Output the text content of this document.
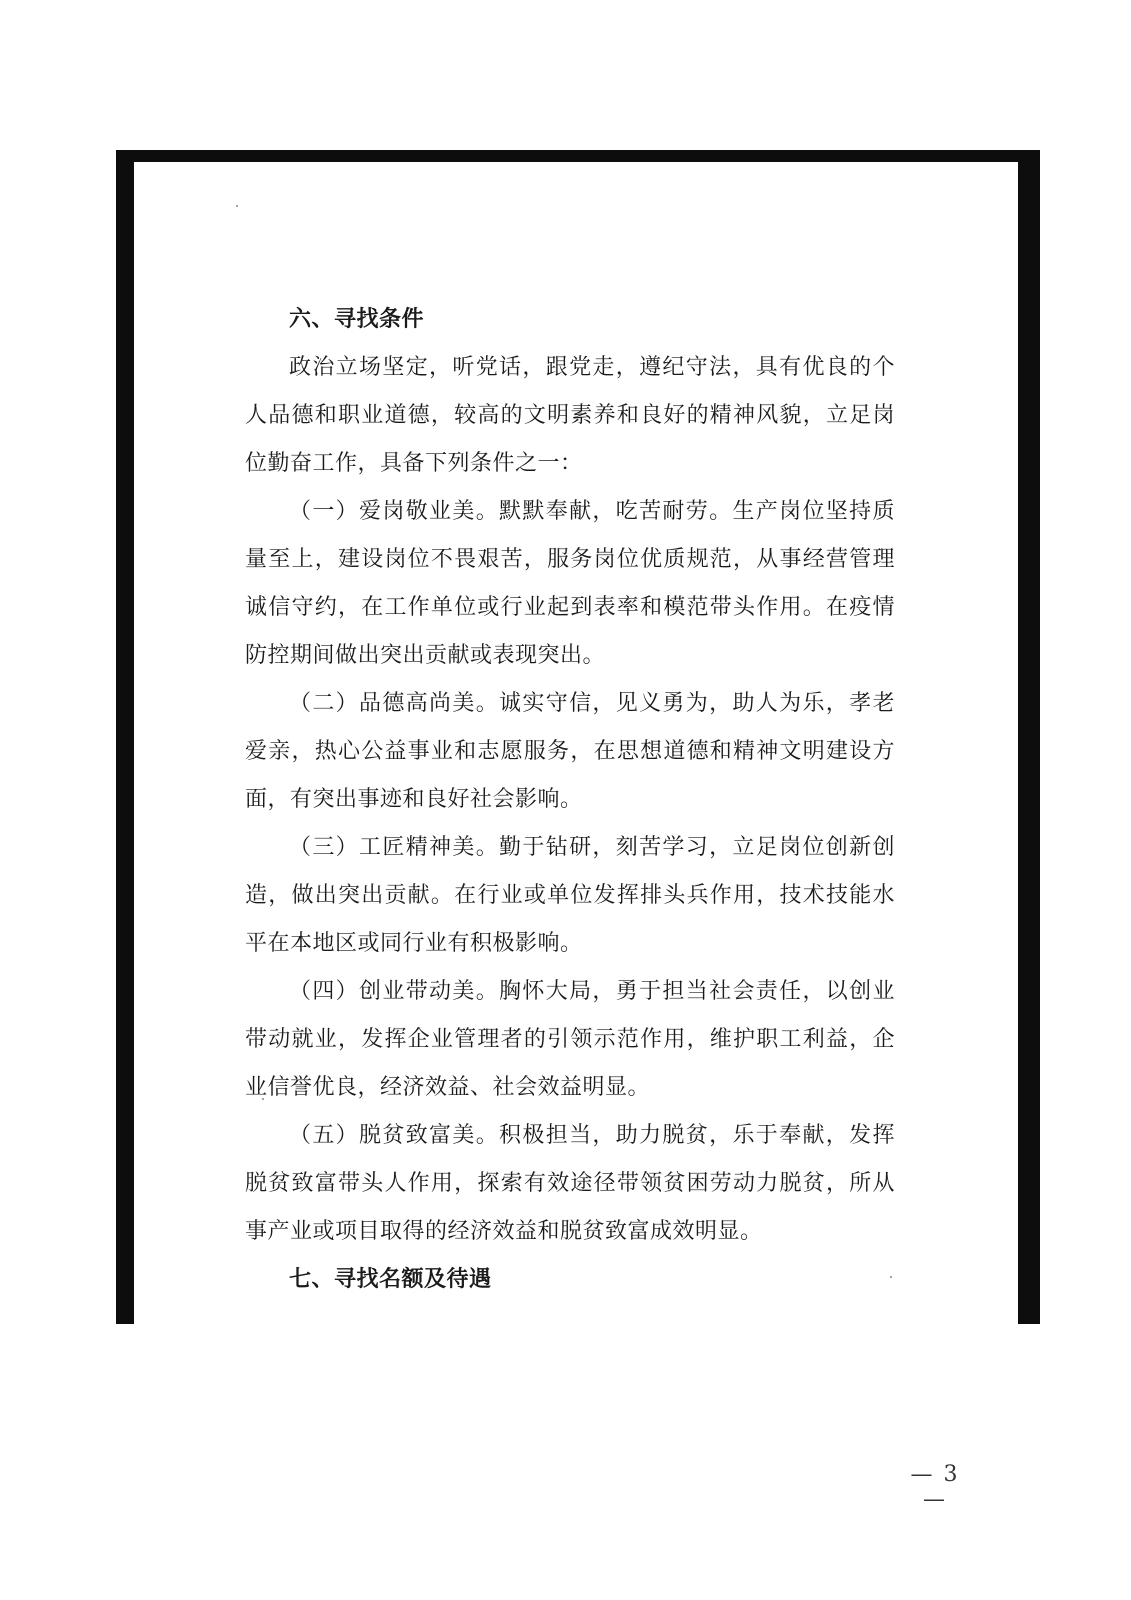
六、寻找条件

政治立场坚定，听党话，跟党走，遵纪守法，具有优良的个人品德和职业道德，较高的文明素养和良好的精神风貌，立足岗位勤奋工作，具备下列条件之一：

（一）爱岗敬业美。默默奉献，吃苦耐劳。生产岗位坚持质量至上，建设岗位不畏艰苦，服务岗位优质规范，从事经营管理诚信守约，在工作单位或行业起到表率和模范带头作用。在疫情防控期间做出突出贡献或表现突出。

（二）品德高尚美。诚实守信，见义勇为，助人为乐，孝老爱亲，热心公益事业和志愿服务，在思想道德和精神文明建设方面，有突出事迹和良好社会影响。

（三）工匠精神美。勤于钻研，刻苦学习，立足岗位创新创造，做出突出贡献。在行业或单位发挥排头兵作用，技术技能水平在本地区或同行业有积极影响。

（四）创业带动美。胸怀大局，勇于担当社会责任，以创业带动就业，发挥企业管理者的引领示范作用，维护职工利益，企业信誉优良，经济效益、社会效益明显。

（五）脱贫致富美。积极担当，助力脱贫，乐于奉献，发挥脱贫致富带头人作用，探索有效途径带领贫困劳动力脱贫，所从事产业或项目取得的经济效益和脱贫致富成效明显。

七、寻找名额及待遇

— 3 —
